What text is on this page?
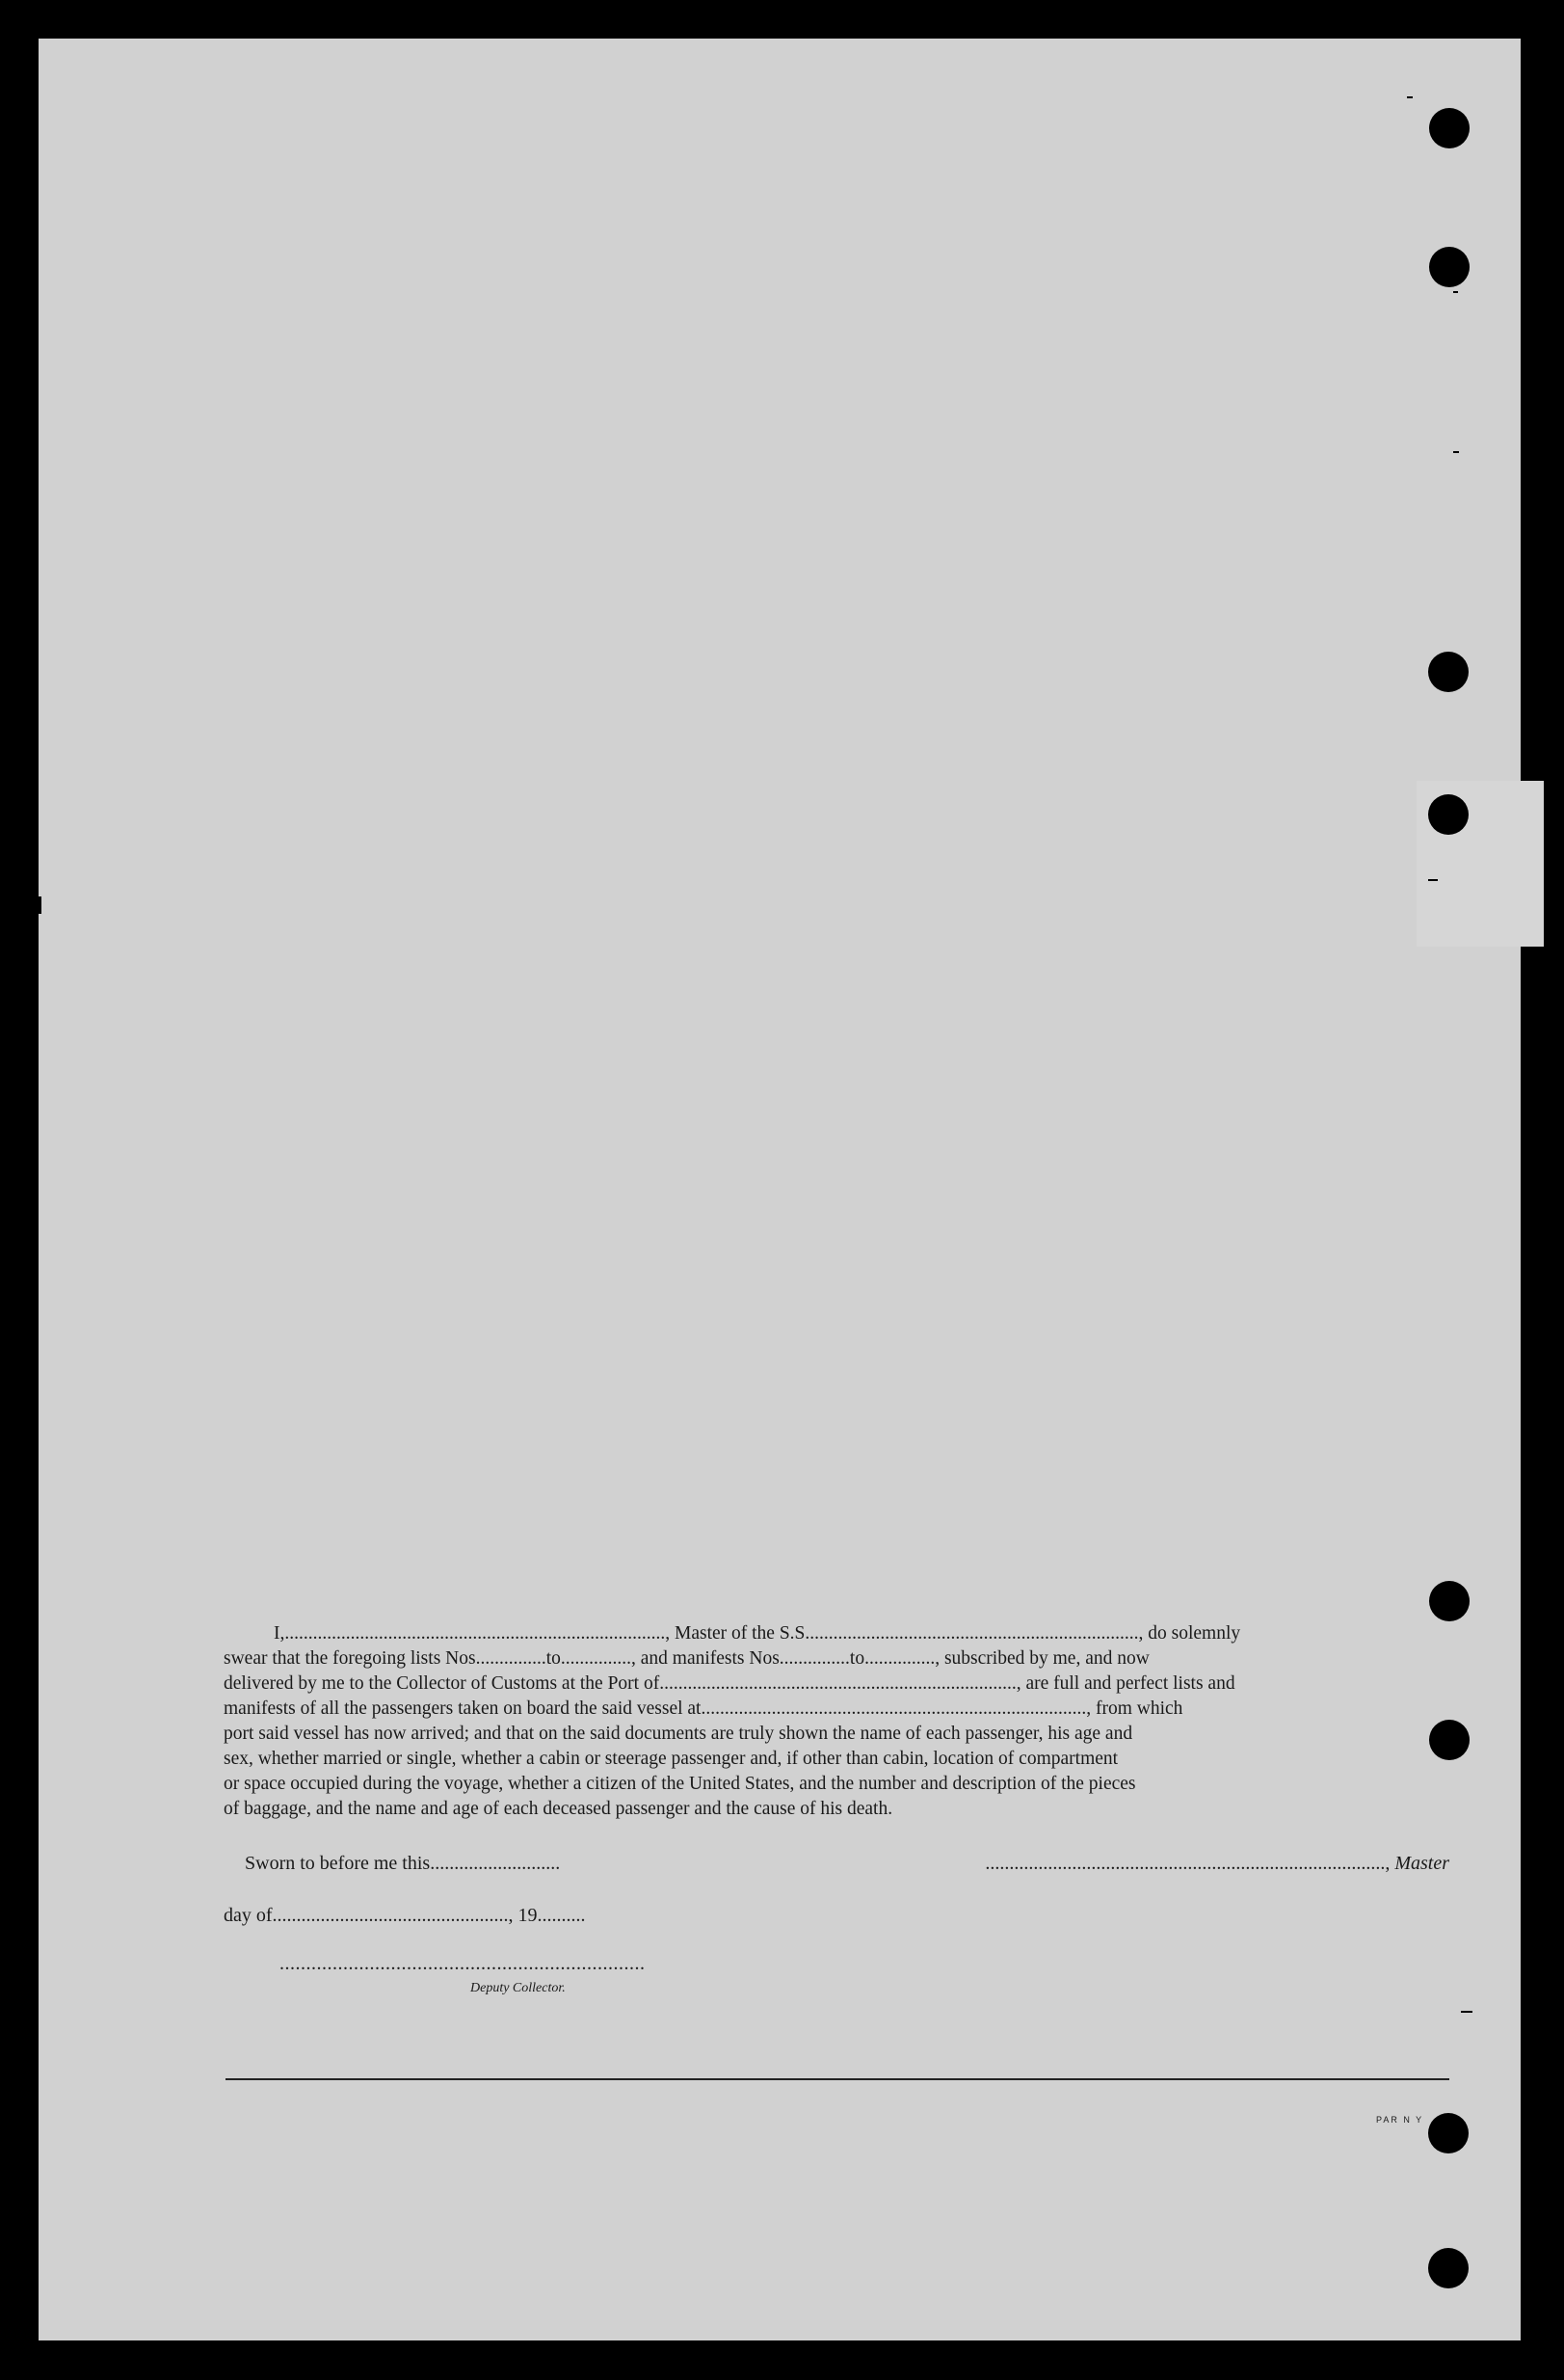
I,................................................................................., Master of the S.S......................................................................., do solemnly
swear that the foregoing lists Nos...............to..............., and manifests Nos...............to..............., subscribed by me, and now
delivered by me to the Collector of Customs at the Port of............................................................................, are full and perfect lists and
manifests of all the passengers taken on board the said vessel at.................................................................................., from which
port said vessel has now arrived; and that on the said documents are truly shown the name of each passenger, his age and
sex, whether married or single, whether a cabin or steerage passenger and, if other than cabin, location of compartment
or space occupied during the voyage, whether a citizen of the United States, and the number and description of the pieces
of baggage, and the name and age of each deceased passenger and the cause of his death.
Sworn to before me this...........................	..................................................................................., Master
day of................................................., 19..........
.....................................................................
Deputy Collector.
PAR N Y
